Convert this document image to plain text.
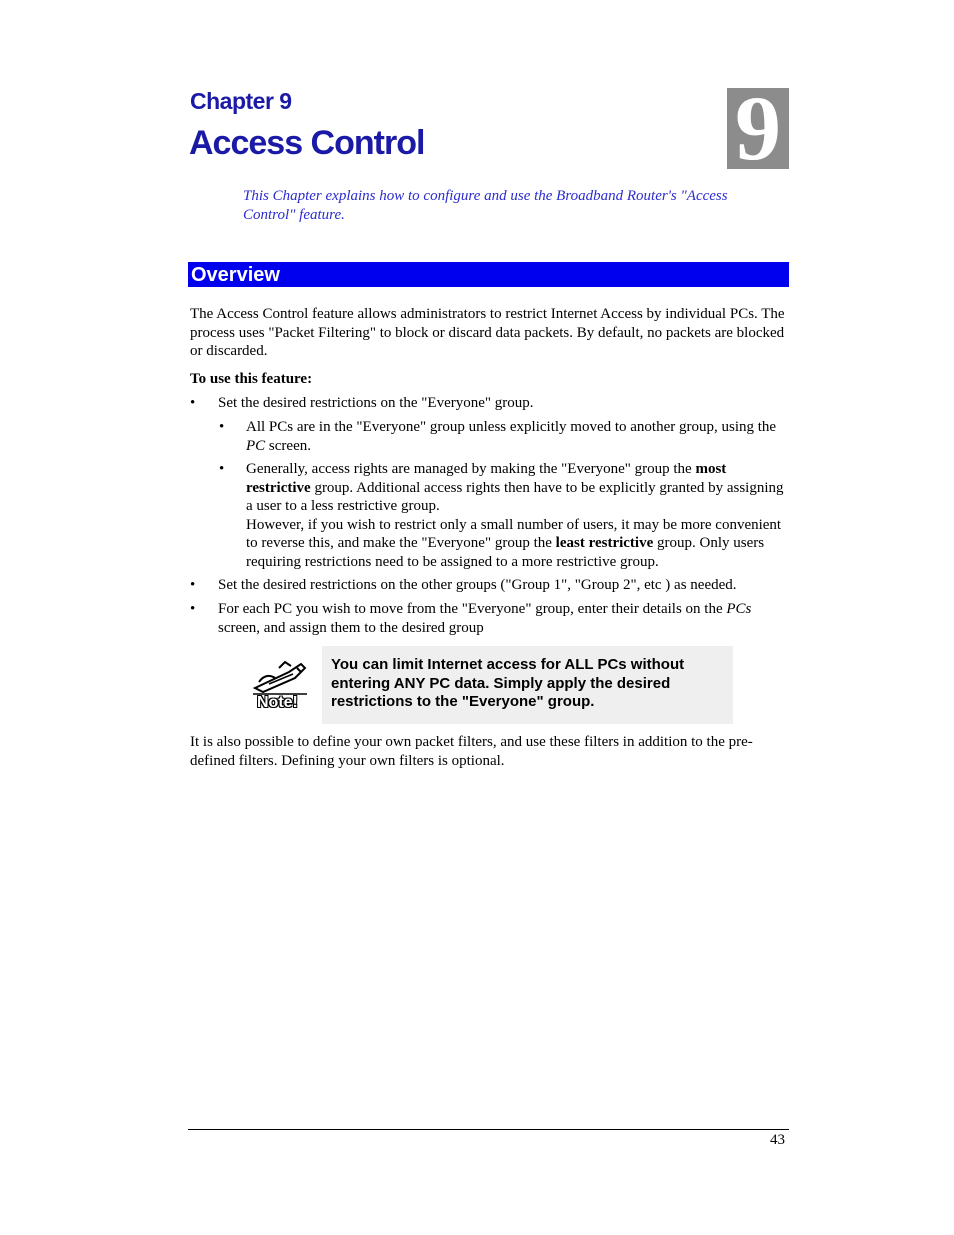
Chapter 9
Access Control	9
This Chapter explains how to configure and use the Broadband Router's "Access Control" feature.
Overview
The Access Control feature allows administrators to restrict Internet Access by individual PCs. The process uses "Packet Filtering" to block or discard data packets. By default, no packets are blocked or discarded.
To use this feature:
• Set the desired restrictions on the "Everyone" group.
• All PCs are in the "Everyone" group unless explicitly moved to another group, using the PC screen.
• Generally, access rights are managed by making the "Everyone" group the most restrictive group. Additional access rights then have to be explicitly granted by assigning a user to a less restrictive group.
However, if you wish to restrict only a small number of users, it may be more convenient to reverse this, and make the "Everyone" group the least restrictive group. Only users requiring restrictions need to be assigned to a more restrictive group.
• Set the desired restrictions on the other groups ("Group 1", "Group 2", etc ) as needed.
• For each PC you wish to move from the "Everyone" group, enter their details on the PCs screen, and assign them to the desired group
Note!
You can limit Internet access for ALL PCs without entering ANY PC data. Simply apply the desired restrictions to the "Everyone" group.
It is also possible to define your own packet filters, and use these filters in addition to the pre-defined filters. Defining your own filters is optional.
43
